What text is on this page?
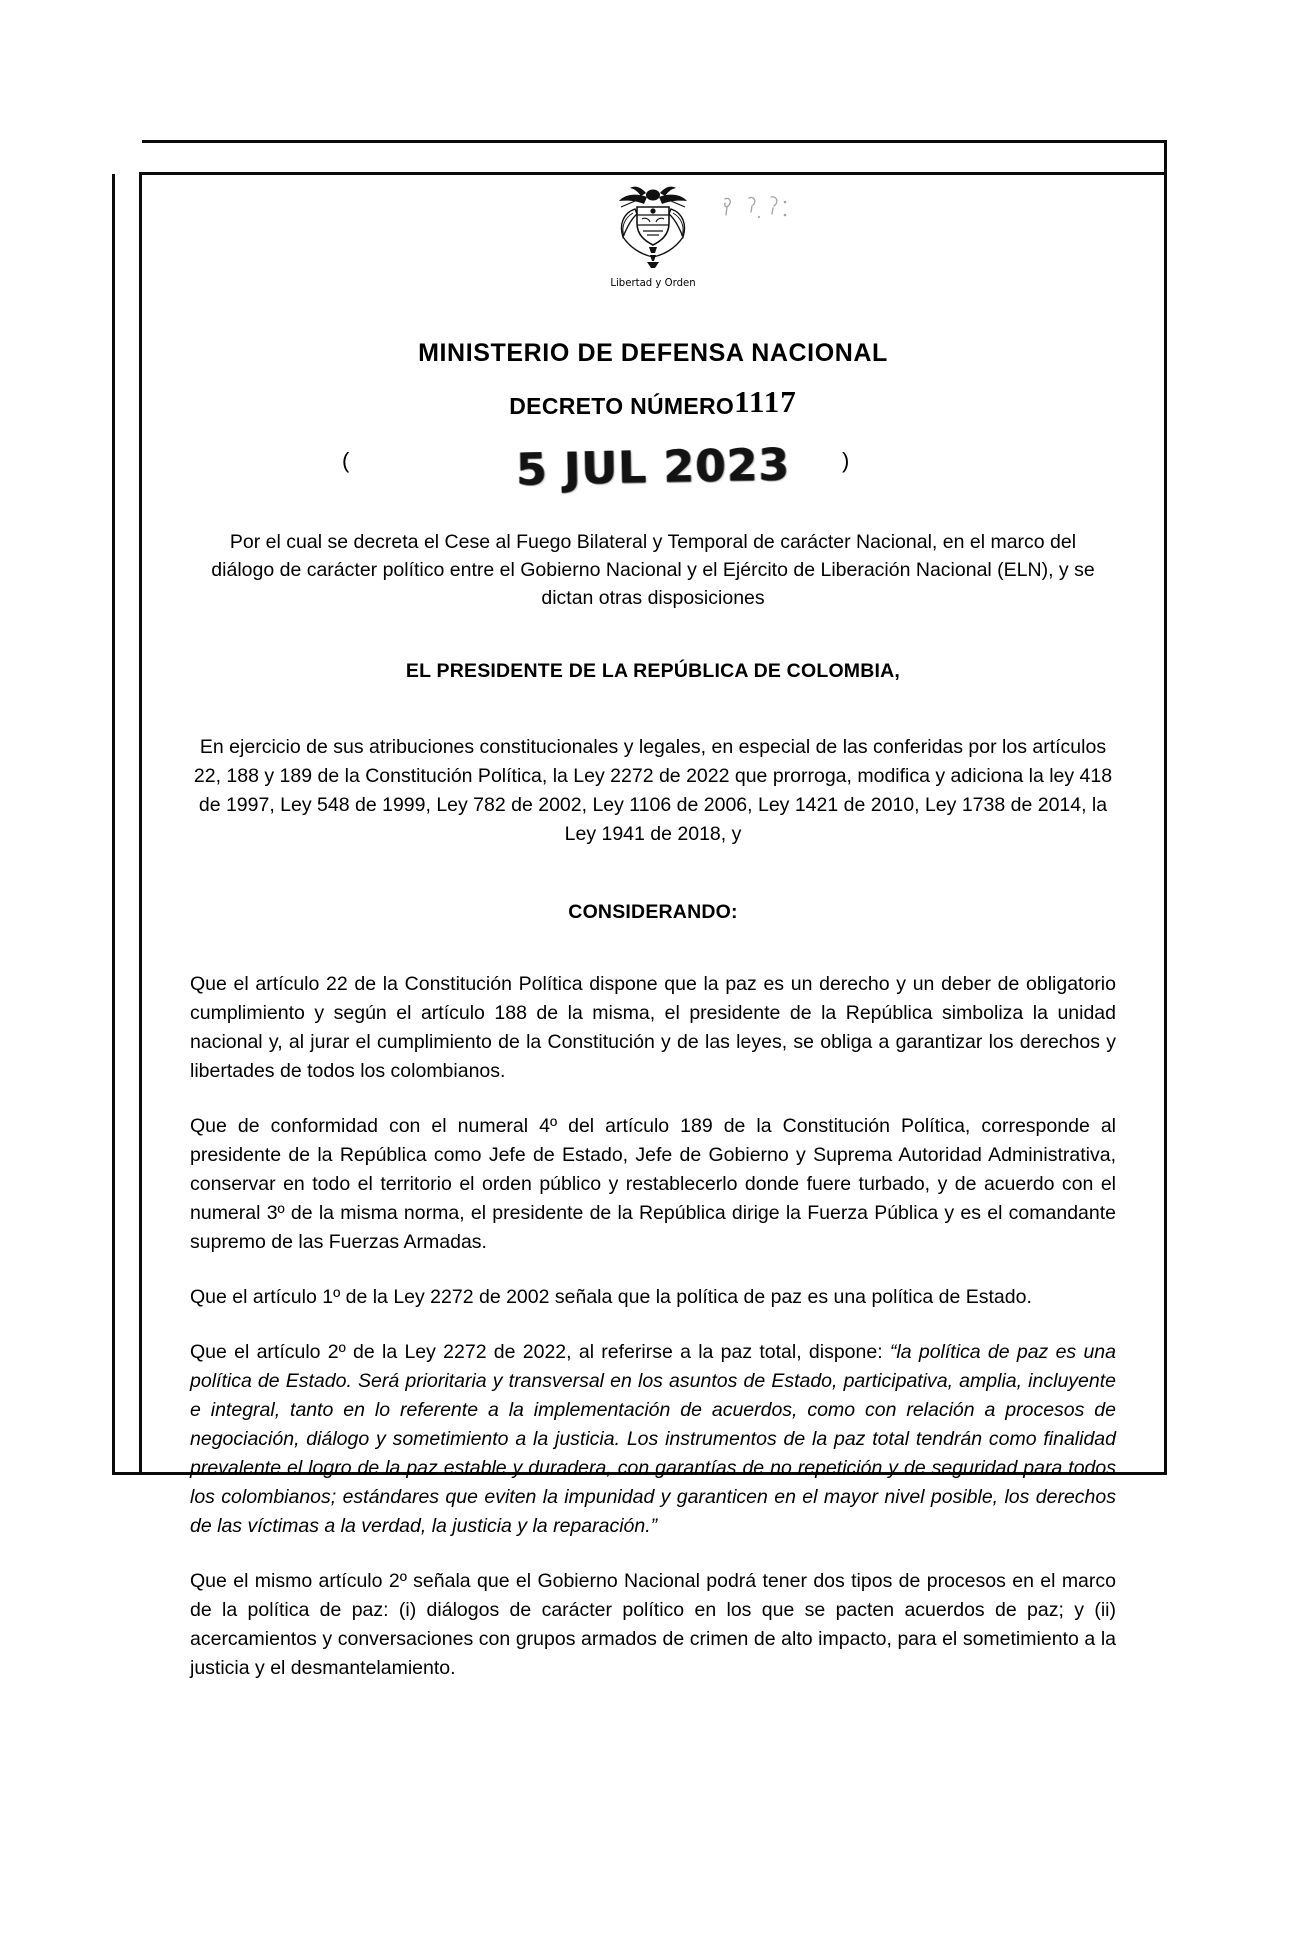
Libertad y Orden
MINISTERIO DE DEFENSA NACIONAL
DECRETO NÚMERO1117
(	5 JUL 2023 )
Por el cual se decreta el Cese al Fuego Bilateral y Temporal de carácter Nacional, en el marco del diálogo de carácter político entre el Gobierno Nacional y el Ejército de Liberación Nacional (ELN), y se dictan otras disposiciones
EL PRESIDENTE DE LA REPÚBLICA DE COLOMBIA,
En ejercicio de sus atribuciones constitucionales y legales, en especial de las conferidas por los artículos 22, 188 y 189 de la Constitución Política, la Ley 2272 de 2022 que prorroga, modifica y adiciona la ley 418 de 1997, Ley 548 de 1999, Ley 782 de 2002, Ley 1106 de 2006, Ley 1421 de 2010, Ley 1738 de 2014, la Ley 1941 de 2018, y
CONSIDERANDO:

Que el artículo 22 de la Constitución Política dispone que la paz es un derecho y un deber de obligatorio cumplimiento y según el artículo 188 de la misma, el presidente de la República simboliza la unidad nacional y, al jurar el cumplimiento de la Constitución y de las leyes, se obliga a garantizar los derechos y libertades de todos los colombianos.

Que de conformidad con el numeral 4º del artículo 189 de la Constitución Política, corresponde al presidente de la República como Jefe de Estado, Jefe de Gobierno y Suprema Autoridad Administrativa, conservar en todo el territorio el orden público y restablecerlo donde fuere turbado, y de acuerdo con el numeral 3º de la misma norma, el presidente de la República dirige la Fuerza Pública y es el comandante supremo de las Fuerzas Armadas.

Que el artículo 1º de la Ley 2272 de 2002 señala que la política de paz es una política de Estado.

Que el artículo 2º de la Ley 2272 de 2022, al referirse a la paz total, dispone: “la política de paz es una política de Estado. Será prioritaria y transversal en los asuntos de Estado, participativa, amplia, incluyente e integral, tanto en lo referente a la implementación de acuerdos, como con relación a procesos de negociación, diálogo y sometimiento a la justicia. Los instrumentos de la paz total tendrán como finalidad prevalente el logro de la paz estable y duradera, con garantías de no repetición y de seguridad para todos los colombianos; estándares que eviten la impunidad y garanticen en el mayor nivel posible, los derechos de las víctimas a la verdad, la justicia y la reparación.”

Que el mismo artículo 2º señala que el Gobierno Nacional podrá tener dos tipos de procesos en el marco de la política de paz: (i) diálogos de carácter político en los que se pacten acuerdos de paz; y (ii) acercamientos y conversaciones con grupos armados de crimen de alto impacto, para el sometimiento a la justicia y el desmantelamiento.
